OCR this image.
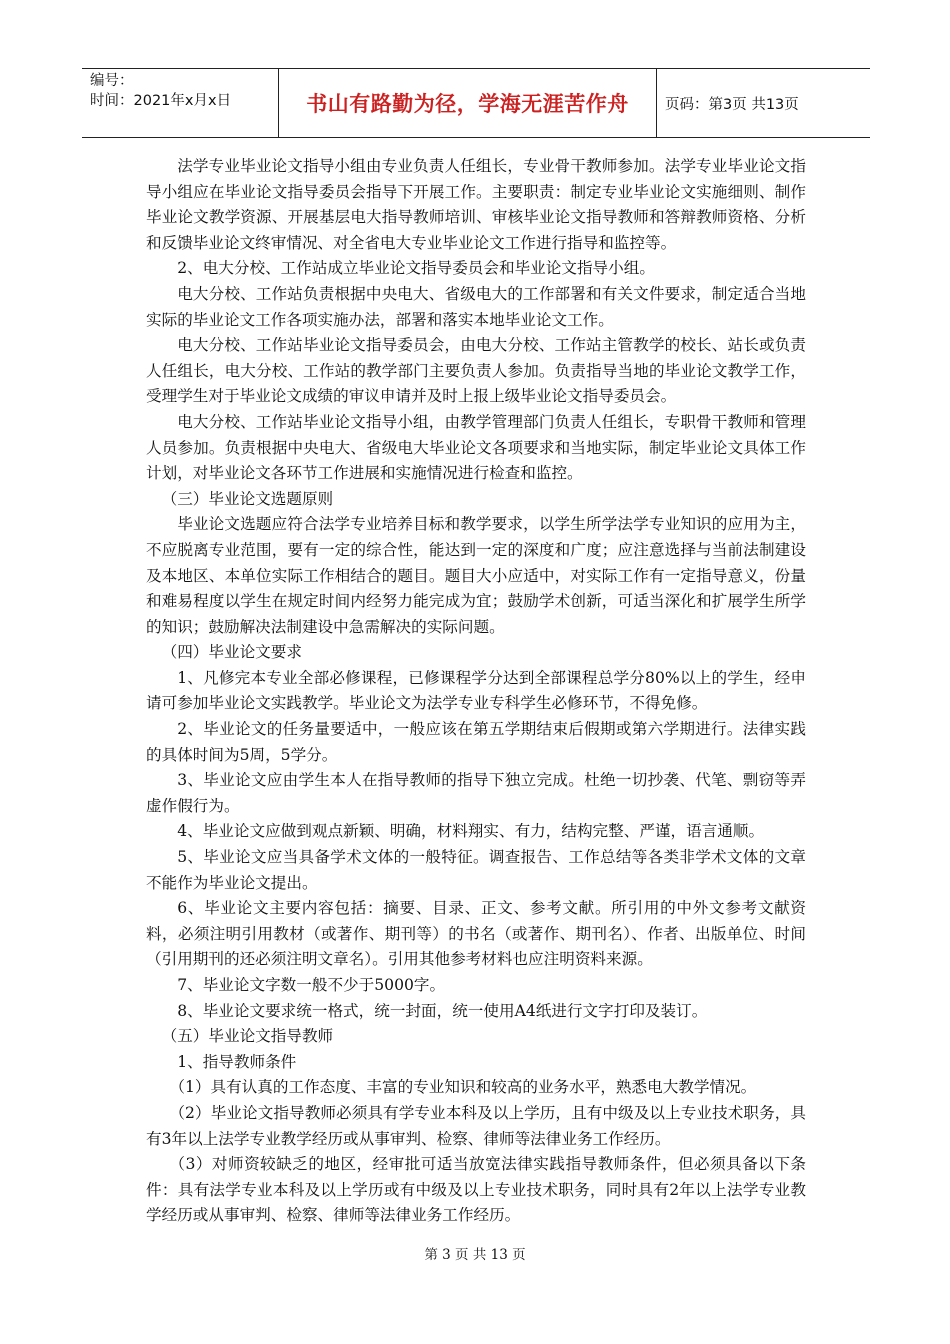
编号：
时间：2021年x月x日	书山有路勤为径，学海无涯苦作舟	页码：第3页 共13页

法学专业毕业论文指导小组由专业负责人任组长，专业骨干教师参加。法学专业毕业论文指导小组应在毕业论文指导委员会指导下开展工作。主要职责：制定专业毕业论文实施细则、制作毕业论文教学资源、开展基层电大指导教师培训、审核毕业论文指导教师和答辩教师资格、分析和反馈毕业论文终审情况、对全省电大专业毕业论文工作进行指导和监控等。

2、电大分校、工作站成立毕业论文指导委员会和毕业论文指导小组。

电大分校、工作站负责根据中央电大、省级电大的工作部署和有关文件要求，制定适合当地实际的毕业论文工作各项实施办法，部署和落实本地毕业论文工作。

电大分校、工作站毕业论文指导委员会，由电大分校、工作站主管教学的校长、站长或负责人任组长，电大分校、工作站的教学部门主要负责人参加。负责指导当地的毕业论文教学工作，受理学生对于毕业论文成绩的审议申请并及时上报上级毕业论文指导委员会。

电大分校、工作站毕业论文指导小组，由教学管理部门负责人任组长，专职骨干教师和管理人员参加。负责根据中央电大、省级电大毕业论文各项要求和当地实际，制定毕业论文具体工作计划，对毕业论文各环节工作进展和实施情况进行检查和监控。

（三）毕业论文选题原则

毕业论文选题应符合法学专业培养目标和教学要求，以学生所学法学专业知识的应用为主，不应脱离专业范围，要有一定的综合性，能达到一定的深度和广度；应注意选择与当前法制建设及本地区、本单位实际工作相结合的题目。题目大小应适中，对实际工作有一定指导意义，份量和难易程度以学生在规定时间内经努力能完成为宜；鼓励学术创新，可适当深化和扩展学生所学的知识；鼓励解决法制建设中急需解决的实际问题。

（四）毕业论文要求

1、凡修完本专业全部必修课程，已修课程学分达到全部课程总学分80%以上的学生，经申请可参加毕业论文实践教学。毕业论文为法学专业专科学生必修环节，不得免修。

2、毕业论文的任务量要适中，一般应该在第五学期结束后假期或第六学期进行。法律实践的具体时间为5周，5学分。

3、毕业论文应由学生本人在指导教师的指导下独立完成。杜绝一切抄袭、代笔、剽窃等弄虚作假行为。

4、毕业论文应做到观点新颖、明确，材料翔实、有力，结构完整、严谨，语言通顺。

5、毕业论文应当具备学术文体的一般特征。调查报告、工作总结等各类非学术文体的文章不能作为毕业论文提出。

6、毕业论文主要内容包括：摘要、目录、正文、参考文献。所引用的中外文参考文献资料，必须注明引用教材（或著作、期刊等）的书名（或著作、期刊名）、作者、出版单位、时间（引用期刊的还必须注明文章名）。引用其他参考材料也应注明资料来源。

7、毕业论文字数一般不少于5000字。

8、毕业论文要求统一格式，统一封面，统一使用A4纸进行文字打印及装订。

（五）毕业论文指导教师

1、指导教师条件

（1）具有认真的工作态度、丰富的专业知识和较高的业务水平，熟悉电大教学情况。

（2）毕业论文指导教师必须具有学专业本科及以上学历，且有中级及以上专业技术职务，具有3年以上法学专业教学经历或从事审判、检察、律师等法律业务工作经历。

（3）对师资较缺乏的地区，经审批可适当放宽法律实践指导教师条件，但必须具备以下条件：具有法学专业本科及以上学历或有中级及以上专业技术职务，同时具有2年以上法学专业教学经历或从事审判、检察、律师等法律业务工作经历。

第 3 页 共 13 页
